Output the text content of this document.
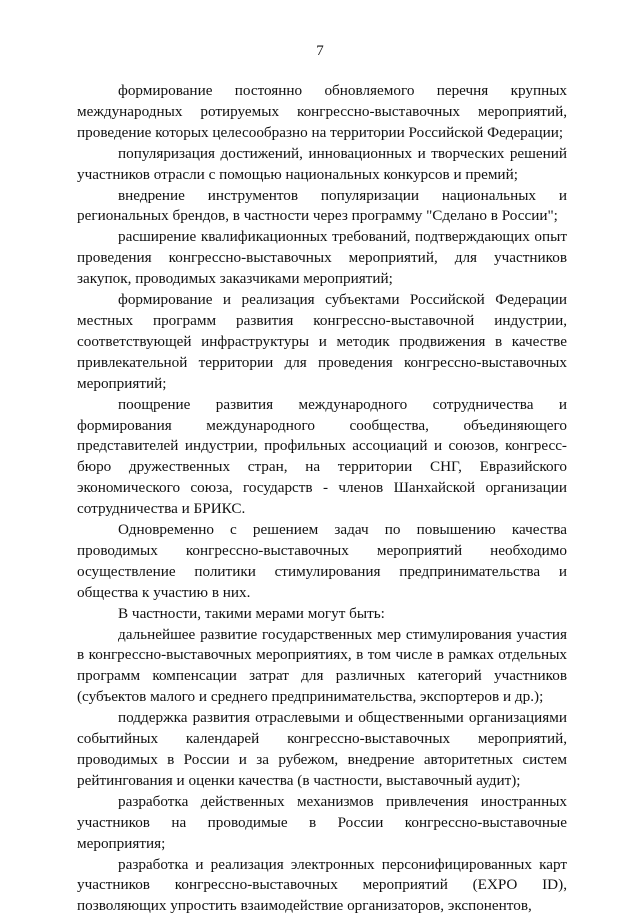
7

формирование постоянно обновляемого перечня крупных международных ротируемых конгрессно-выставочных мероприятий, проведение которых целесообразно на территории Российской Федерации;

популяризация достижений, инновационных и творческих решений участников отрасли с помощью национальных конкурсов и премий;

внедрение инструментов популяризации национальных и региональных брендов, в частности через программу "Сделано в России";

расширение квалификационных требований, подтверждающих опыт проведения конгрессно-выставочных мероприятий, для участников закупок, проводимых заказчиками мероприятий;

формирование и реализация субъектами Российской Федерации местных программ развития конгрессно-выставочной индустрии, соответствующей инфраструктуры и методик продвижения в качестве привлекательной территории для проведения конгрессно-выставочных мероприятий;

поощрение развития международного сотрудничества и формирования международного сообщества, объединяющего представителей индустрии, профильных ассоциаций и союзов, конгресс-бюро дружественных стран, на территории СНГ, Евразийского экономического союза, государств - членов Шанхайской организации сотрудничества и БРИКС.

Одновременно с решением задач по повышению качества проводимых конгрессно-выставочных мероприятий необходимо осуществление политики стимулирования предпринимательства и общества к участию в них.

В частности, такими мерами могут быть:

дальнейшее развитие государственных мер стимулирования участия в конгрессно-выставочных мероприятиях, в том числе в рамках отдельных программ компенсации затрат для различных категорий участников (субъектов малого и среднего предпринимательства, экспортеров и др.);

поддержка развития отраслевыми и общественными организациями событийных календарей конгрессно-выставочных мероприятий, проводимых в России и за рубежом, внедрение авторитетных систем рейтингования и оценки качества (в частности, выставочный аудит);

разработка действенных механизмов привлечения иностранных участников на проводимые в России конгрессно-выставочные мероприятия;

разработка и реализация электронных персонифицированных карт участников конгрессно-выставочных мероприятий (EXPO ID), позволяющих упростить взаимодействие организаторов, экспонентов,
